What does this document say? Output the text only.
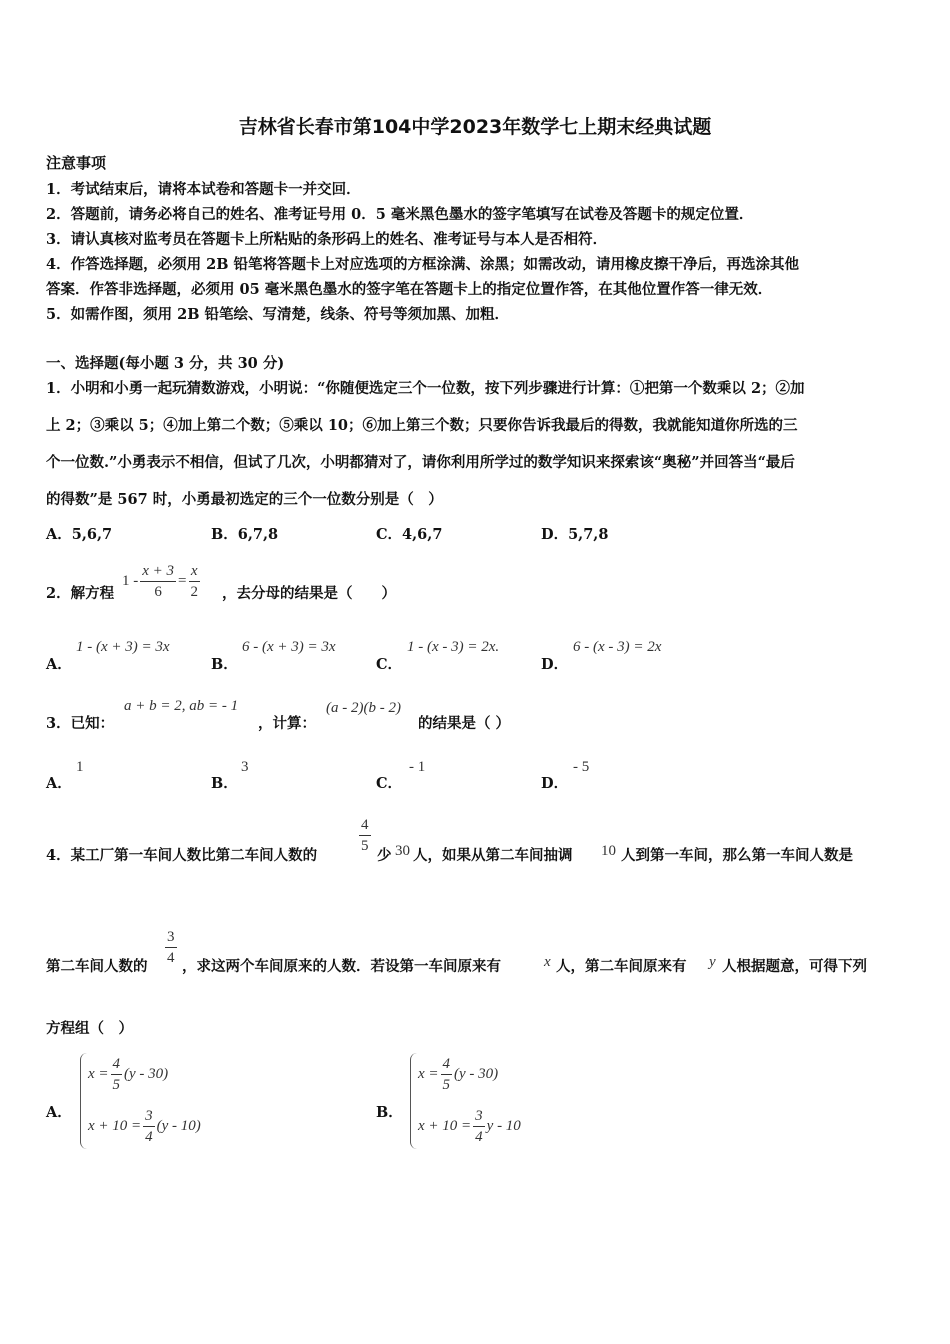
吉林省长春市第104中学2023年数学七上期末经典试题
注意事项
1．考试结束后，请将本试卷和答题卡一并交回．
2．答题前，请务必将自己的姓名、准考证号用 0．5 毫米黑色墨水的签字笔填写在试卷及答题卡的规定位置．
3．请认真核对监考员在答题卡上所粘贴的条形码上的姓名、准考证号与本人是否相符．
4．作答选择题，必须用 2B 铅笔将答题卡上对应选项的方框涂满、涂黑；如需改动，请用橡皮擦干净后，再选涂其他
答案．作答非选择题，必须用 05 毫米黑色墨水的签字笔在答题卡上的指定位置作答，在其他位置作答一律无效．
5．如需作图，须用 2B 铅笔绘、写清楚，线条、符号等须加黑、加粗．
一、选择题(每小题 3 分，共 30 分)
1．小明和小勇一起玩猜数游戏，小明说：“你随便选定三个一位数，按下列步骤进行计算：①把第一个数乘以 2；②加
上 2；③乘以 5；④加上第二个数；⑤乘以 10；⑥加上第三个数；只要你告诉我最后的得数，我就能知道你所选的三
个一位数.”小勇表示不相信，但试了几次，小明都猜对了，请你利用所学过的数学知识来探索该“奥秘”并回答当“最后
的得数”是 567 时，小勇最初选定的三个一位数分别是（　）
A．5,6,7	B．6,7,8	C．4,6,7	D．5,7,8
2．解方程
$1 - \frac{x + 3}{6} = \frac{x}{2}$ ，去分母的结果是（　　）
A．
1 - (x + 3) = 3x
B．
6 - (x + 3) = 3x
C．
1 - (x - 3) = 2x.
D．
6 - (x - 3) = 2x
3．已知：
a + b = 2, ab = - 1
，计算：
(a - 2)(b - 2)
的结果是（ ）
A．
1
B．
3
C．
- 1
D．
- 5
4．某工厂第一车间人数比第二车间人数的	$\frac{4}{5}$ 少 30 人，如果从第二车间抽调 10 人到第一车间，那么第一车间人数是
第二车间人数的 $\frac{3}{4}$ ，求这两个车间原来的人数．若设第一车间原来有	x 人，第二车间原来有 y 人根据题意，可得下列
方程组（　）
A．
$x = \frac{4}{5} (y - 30)$
$x + 10 = \frac{3}{4} (y - 10)$
B．
$x = \frac{4}{5} (y - 30)$
$x + 10 = \frac{3}{4}$ y - 10
